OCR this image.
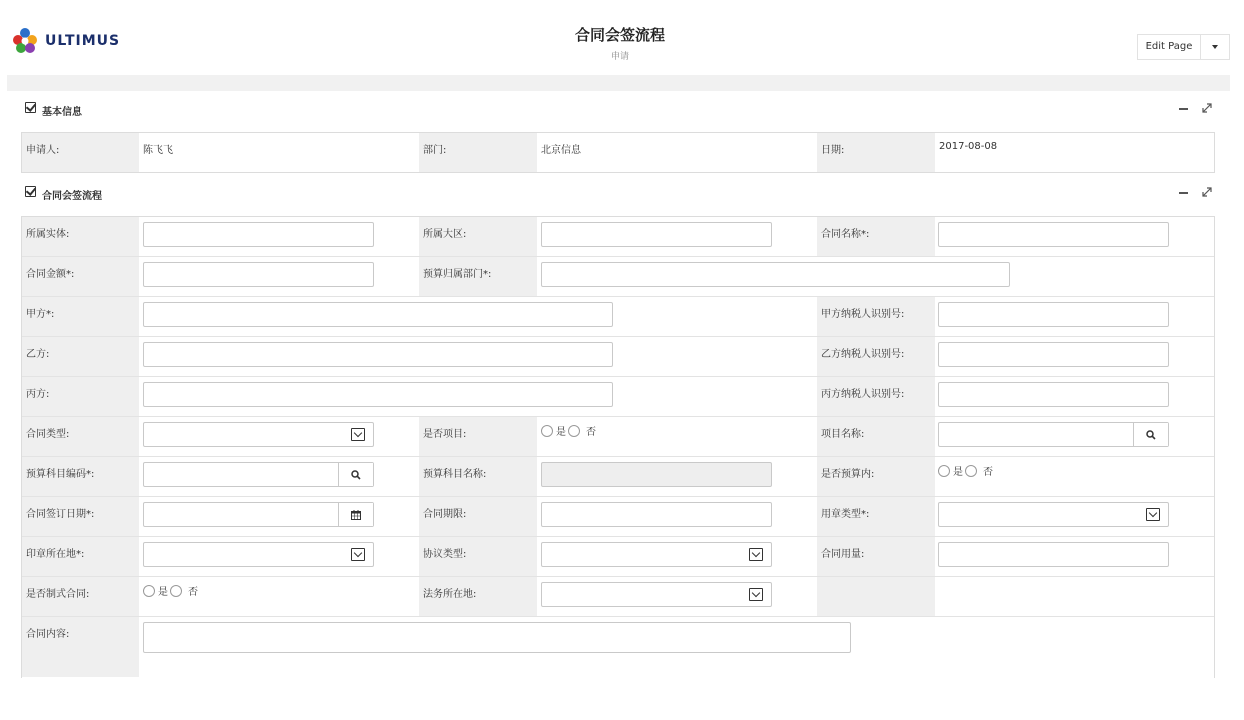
ULTIMUS	合同会签流程
申请
Edit Page
基本信息
申请人:	陈飞飞	部门:	北京信息	日期:	2017-08-08
合同会签流程
所属实体:	所属大区:	合同名称*:
合同金额*:	预算归属部门*:
甲方*:	甲方纳税人识别号:
乙方:	乙方纳税人识别号:
丙方:	丙方纳税人识别号:
合同类型:	是否项目:	是 否	项目名称:
预算科目编码*:	预算科目名称:	是否预算内:	是 否
合同签订日期*:	合同期限:	用章类型*:
印章所在地*:	协议类型:	合同用量:
是否制式合同:	是 否	法务所在地:
合同内容:
